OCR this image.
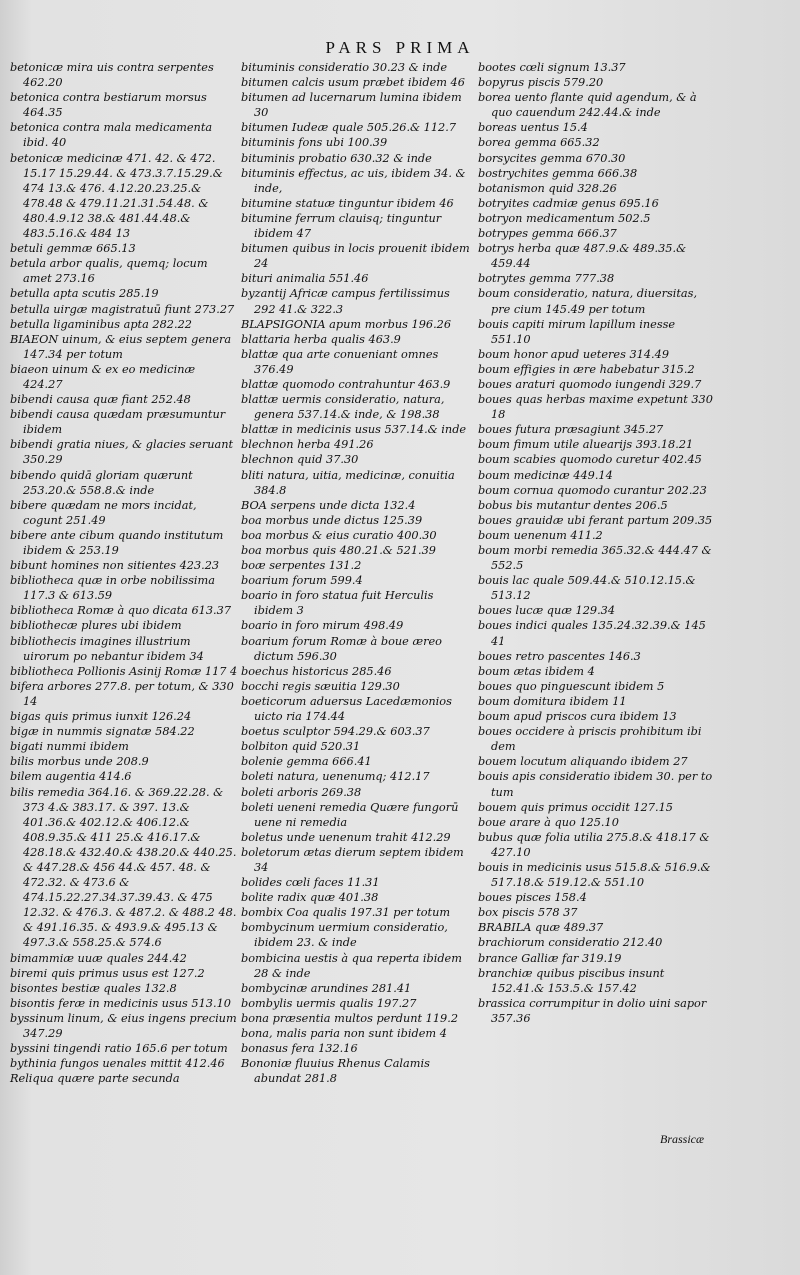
PARS PRIMA

betonicæ mira uis contra serpentes 462.20

betonica contra bestiarum morsus 464.35

betonica contra mala medicamenta ibid. 40

betonicæ medicinæ 471. 42. & 472. 15.17 15.29.44. & 473.3.7.15.29.& 474 13.& 476. 4.12.20.23.25.& 478.48 & 479.11.21.31.54.48. & 480.4.9.12 38.& 481.44.48.& 483.5.16.& 484 13

betuli gemmæ 665.13

betula arbor qualis, quemq; locum amet 273.16

betulla apta scutis 285.19

betulla uirgæ magistratuū fiunt 273.27

betulla ligaminibus apta 282.22

BIAEON uinum, & eius septem genera 147.34 per totum

biaeon uinum & ex eo medicinæ 424.27

bibendi causa quæ fiant 252.48

bibendi causa quædam præsumuntur ibidem

bibendi gratia niues, & glacies seruant 350.29

bibendo quidā gloriam quærunt 253.20.& 558.8.& inde

bibere quædam ne mors incidat, cogunt 251.49

bibere ante cibum quando institutum ibidem & 253.19

bibunt homines non sitientes 423.23

bibliotheca quæ in orbe nobilissima 117.3 & 613.59

bibliotheca Romæ à quo dicata 613.37

bibliothecæ plures ubi ibidem

bibliothecis imagines illustrium uirorum po nebantur ibidem 34

bibliotheca Pollionis Asinij Romæ 117 4

bifera arbores 277.8. per totum, & 330 14

bigas quis primus iunxit 126.24

bigæ in nummis signatæ 584.22

bigati nummi ibidem

bilis morbus unde 208.9

bilem augentia 414.6

bilis remedia 364.16. & 369.22.28. & 373 4.& 383.17. & 397. 13.& 401.36.& 402.12.& 406.12.& 408.9.35.& 411 25.& 416.17.& 428.18.& 432.40.& 438.20.& 440.25. & 447.28.& 456 44.& 457. 48. & 472.32. & 473.6 & 474.15.22.27.34.37.39.43. & 475 12.32. & 476.3. & 487.2. & 488.2 48. & 491.16.35. & 493.9.& 495.13 & 497.3.& 558.25.& 574.6

bimammiæ uuæ quales 244.42

biremi quis primus usus est 127.2

bisontes bestiæ quales 132.8

bisontis feræ in medicinis usus 513.10

byssinum linum, & eius ingens precium 347.29

byssini tingendi ratio 165.6 per totum

bythinia fungos uenales mittit 412.46

Reliqua quære parte secunda

bituminis consideratio 30.23 & inde

bitumen calcis usum præbet ibidem 46

bitumen ad lucernarum lumina ibidem 30

bitumen Iudeæ quale 505.26.& 112.7

bituminis fons ubi 100.39

bituminis probatio 630.32 & inde

bituminis effectus, ac uis, ibidem 34. & inde,

bitumine statuæ tinguntur ibidem 46

bitumine ferrum clauisq; tinguntur ibidem 47

bitumen quibus in locis prouenit ibidem 24

bituri animalia 551.46

byzantij Africæ campus fertilissimus 292 41.& 322.3

BLAPSIGONIA apum morbus 196.26

blattaria herba qualis 463.9

blattæ qua arte conueniant omnes 376.49

blattæ quomodo contrahuntur 463.9

blattæ uermis consideratio, natura, genera 537.14.& inde, & 198.38

blattæ in medicinis usus 537.14.& inde

blechnon herba 491.26

blechnon quid 37.30

bliti natura, uitia, medicinæ, conuitia 384.8

BOA serpens unde dicta 132.4

boa morbus unde dictus 125.39

boa morbus & eius curatio 400.30

boa morbus quis 480.21.& 521.39

boæ serpentes 131.2

boarium forum 599.4

boario in foro statua fuit Herculis ibidem 3

boario in foro mirum 498.49

boarium forum Romæ à boue æreo dictum 596.30

boechus historicus 285.46

bocchi regis sæuitia 129.30

boeticorum aduersus Lacedæmonios uicto ria 174.44

boetus sculptor 594.29.& 603.37

bolbiton quid 520.31

bolenie gemma 666.41

boleti natura, uenenumq; 412.17

boleti arboris 269.38

boleti ueneni remedia Quære fungorū uene ni remedia

boletus unde uenenum trahit 412.29

boletorum ætas dierum septem ibidem 34

bolides cœli faces 11.31

bolite radix quæ 401.38

bombix Coa qualis 197.31 per totum

bombycinum uermium consideratio, ibidem 23. & inde

bombicina uestis à qua reperta ibidem 28 & inde

bombycinæ arundines 281.41

bombylis uermis qualis 197.27

bona præsentia multos perdunt 119.2

bona, malis paria non sunt ibidem 4

bonasus fera 132.16

Bononiæ fluuius Rhenus Calamis abundat 281.8

bootes cœli signum 13.37

bopyrus piscis 579.20

borea uento flante quid agendum, & à quo cauendum 242.44.& inde

boreas uentus 15.4

borea gemma 665.32

borsycites gemma 670.30

bostrychites gemma 666.38

botanismon quid 328.26

botryites cadmiæ genus 695.16

botryon medicamentum 502.5

botrypes gemma 666.37

botrys herba quæ 487.9.& 489.35.& 459.44

botrytes gemma 777.38

boum consideratio, natura, diuersitas, pre cium 145.49 per totum

bouis capiti mirum lapillum inesse 551.10

boum honor apud ueteres 314.49

boum effigies in ære habebatur 315.2

boues araturi quomodo iungendi 329.7

boues quas herbas maxime expetunt 330 18

boues futura præsagiunt 345.27

boum fimum utile aluearijs 393.18.21

boum scabies quomodo curetur 402.45

boum medicinæ 449.14

boum cornua quomodo curantur 202.23

bobus bis mutantur dentes 206.5

boues grauidæ ubi ferant partum 209.35

boum uenenum 411.2

boum morbi remedia 365.32.& 444.47 & 552.5

bouis lac quale 509.44.& 510.12.15.& 513.12

boues lucæ quæ 129.34

boues indici quales 135.24.32.39.& 145 41

boues retro pascentes 146.3

boum ætas ibidem 4

boues quo pinguescunt ibidem 5

boum domitura ibidem 11

boum apud priscos cura ibidem 13

boues occidere à priscis prohibitum ibi dem

bouem locutum aliquando ibidem 27

bouis apis consideratio ibidem 30. per to tum

bouem quis primus occidit 127.15

boue arare à quo 125.10

bubus quæ folia utilia 275.8.& 418.17 & 427.10

bouis in medicinis usus 515.8.& 516.9.& 517.18.& 519.12.& 551.10

boues pisces 158.4

box piscis 578 37

BRABILA quæ 489.37

brachiorum consideratio 212.40

brance Galliæ far 319.19

branchiæ quibus piscibus insunt 152.41.& 153.5.& 157.42

brassica corrumpitur in dolio uini sapor 357.36

Brassicæ
